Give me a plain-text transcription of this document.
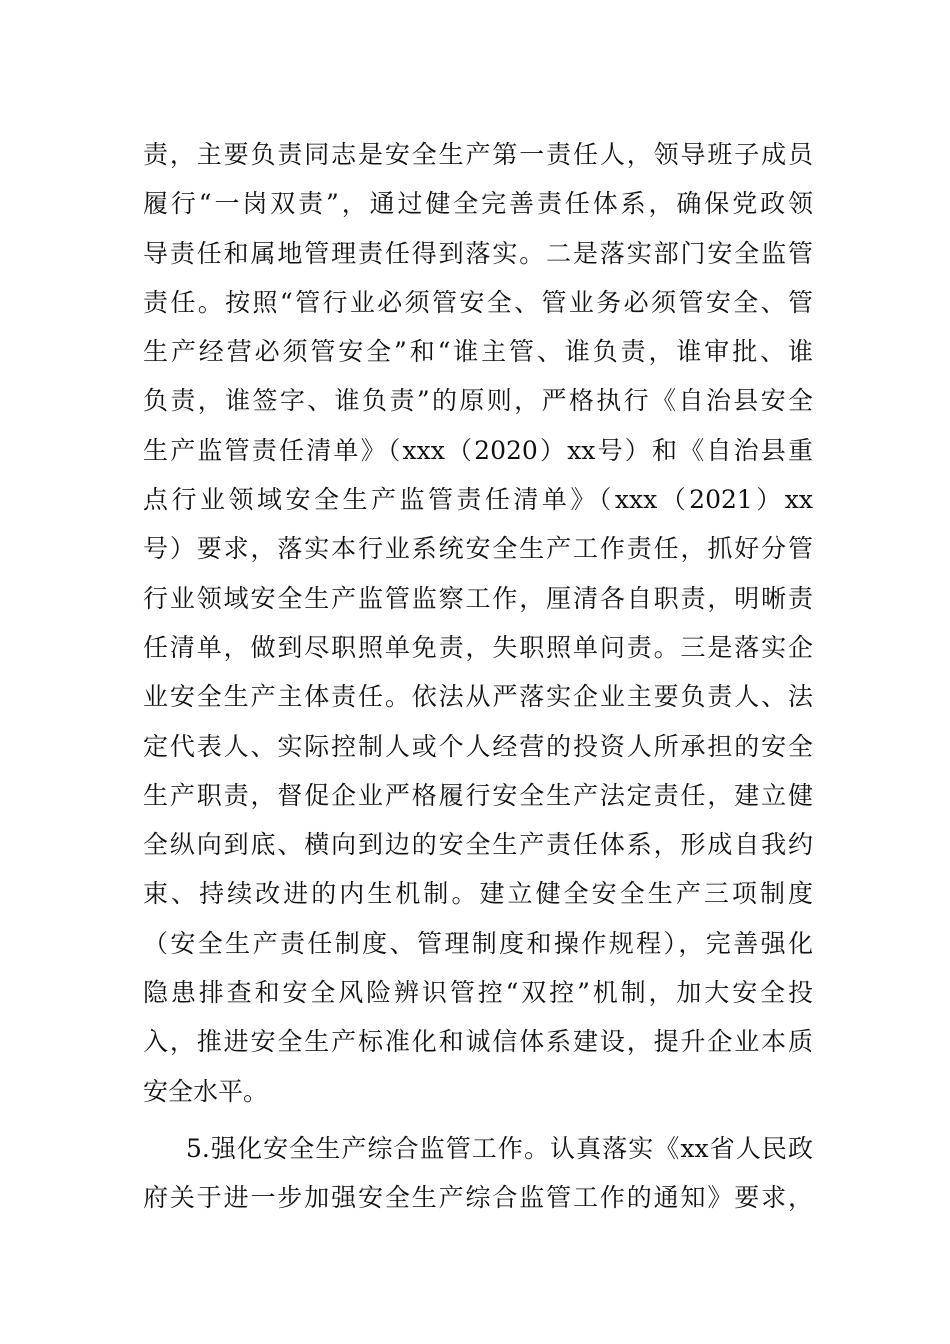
责，主要负责同志是安全生产第一责任人，领导班子成员
履行“一岗双责”，通过健全完善责任体系，确保党政领
导责任和属地管理责任得到落实。二是落实部门安全监管
责任。按照“管行业必须管安全、管业务必须管安全、管
生产经营必须管安全”和“谁主管、谁负责，谁审批、谁
负责，谁签字、谁负责”的原则，严格执行《自治县安全
生产监管责任清单》（xxx（2020）xx号）和《自治县重
点行业领域安全生产监管责任清单》（xxx（2021）xx
号）要求，落实本行业系统安全生产工作责任，抓好分管
行业领域安全生产监管监察工作，厘清各自职责，明晰责
任清单，做到尽职照单免责，失职照单问责。三是落实企
业安全生产主体责任。依法从严落实企业主要负责人、法
定代表人、实际控制人或个人经营的投资人所承担的安全
生产职责，督促企业严格履行安全生产法定责任，建立健
全纵向到底、横向到边的安全生产责任体系，形成自我约
束、持续改进的内生机制。建立健全安全生产三项制度
（安全生产责任制度、管理制度和操作规程），完善强化
隐患排查和安全风险辨识管控“双控”机制，加大安全投
入，推进安全生产标准化和诚信体系建设，提升企业本质
安全水平。
5.强化安全生产综合监管工作。认真落实《xx省人民政
府关于进一步加强安全生产综合监管工作的通知》要求，
